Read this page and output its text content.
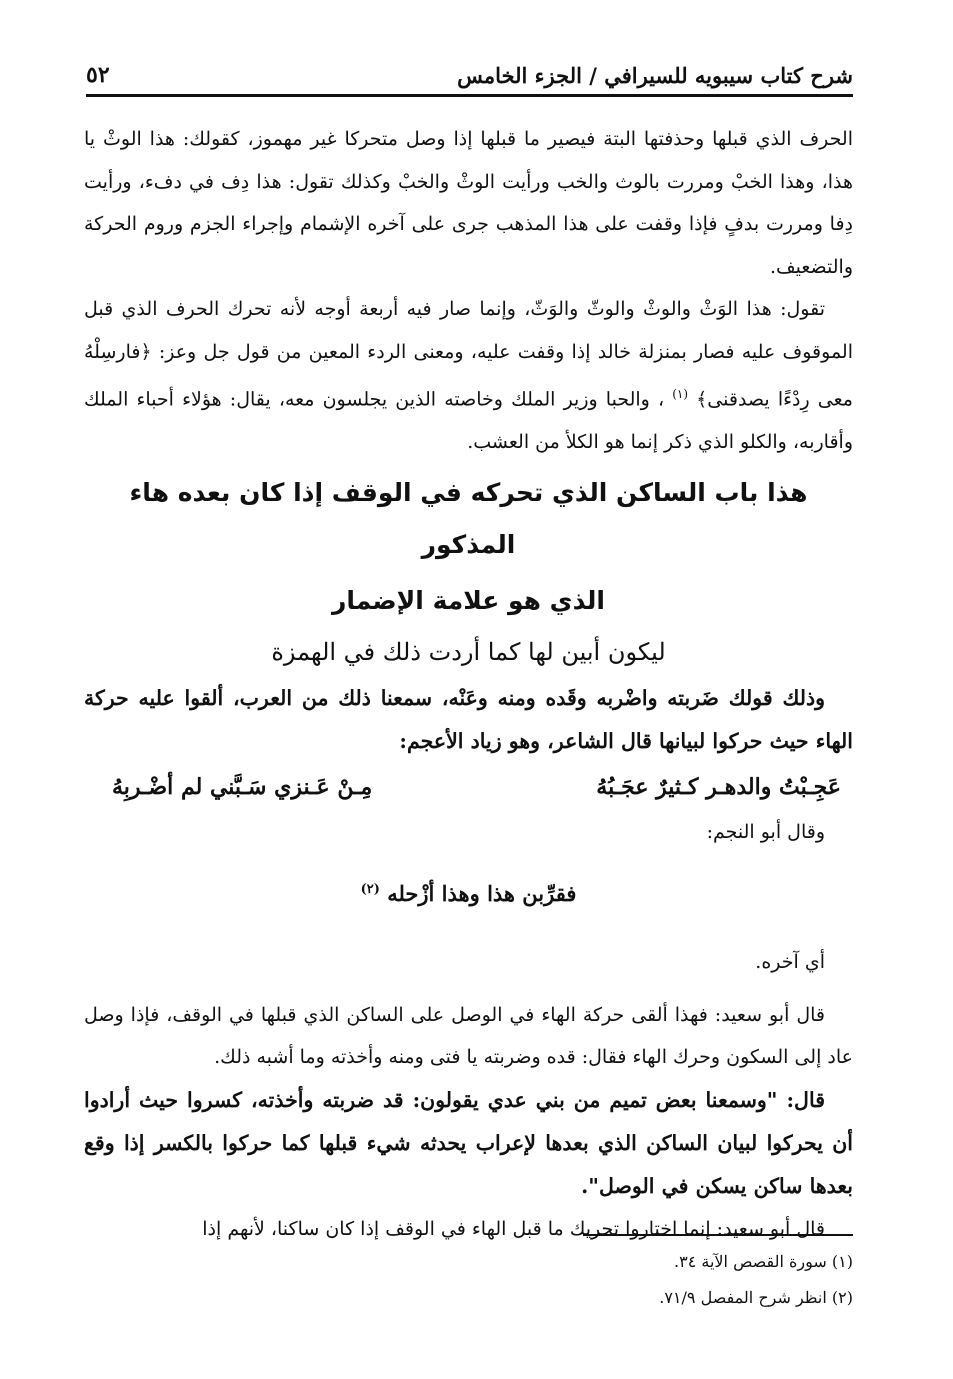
شرح كتاب سيبويه للسيرافي / الجزء الخامس
٥٢

الحرف الذي قبلها وحذفتها البتة فيصير ما قبلها إذا وصل متحركا غير مهموز، كقولك: هذا الوثْ يا هذا، وهذا الخبْ ومررت بالوث والخب ورأيت الوثْ والخبْ وكذلك تقول: هذا دِف في دفء، ورأيت دِفا ومررت بدفٍ فإذا وقفت على هذا المذهب جرى على آخره الإشمام وإجراء الجزم وروم الحركة والتضعيف.

تقول: هذا الوَثْ والوثْ والوثّ والوَثّ، وإنما صار فيه أربعة أوجه لأنه تحرك الحرف الذي قبل الموقوف عليه فصار بمنزلة خالد إذا وقفت عليه، ومعنى الردء المعين من قول جل وعز: ﴿فارسِلْهُ معى رِدْءًا يصدقنى﴾ $^{(١)}$ ، والحبا وزير الملك وخاصته الذين يجلسون معه، يقال: هؤلاء أحباء الملك وأقاربه، والكلو الذي ذكر إنما هو الكلأ من العشب.

هذا باب الساكن الذي تحركه في الوقف إذا كان بعده هاء المذكور
الذي هو علامة الإضمار
ليكون أبين لها كما أردت ذلك في الهمزة

وذلك قولك ضَربته واضْربه وقَده ومنه وعَنْه، سمعنا ذلك من العرب، ألقوا عليه حركة الهاء حيث حركوا لبيانها قال الشاعر، وهو زياد الأعجم:

عَجِـبْتُ والدهـر كـثيرٌ عجَـبُهُ
مِـنْ عَـنزي سَـبَّني لم أضْـربِهُ

وقال أبو النجم:

فقرِّبن هذا وهذا أزْحله $^{(٢)}$

أي آخره.

قال أبو سعيد: فهذا ألقى حركة الهاء في الوصل على الساكن الذي قبلها في الوقف، فإذا وصل عاد إلى السكون وحرك الهاء فقال: قده وضربته يا فتى ومنه وأخذته وما أشبه ذلك.

قال: "وسمعنا بعض تميم من بني عدي يقولون: قد ضربته وأخذته، كسروا حيث أرادوا أن يحركوا لبيان الساكن الذي بعدها لإعراب يحدثه شيء قبلها كما حركوا بالكسر إذا وقع بعدها ساكن يسكن في الوصل".

قال أبو سعيد: إنما اختاروا تحريك ما قبل الهاء في الوقف إذا كان ساكنا، لأنهم إذا

(١) سورة القصص الآية ٣٤.

(٢) انظر شرح المفصل ٧١/٩.
